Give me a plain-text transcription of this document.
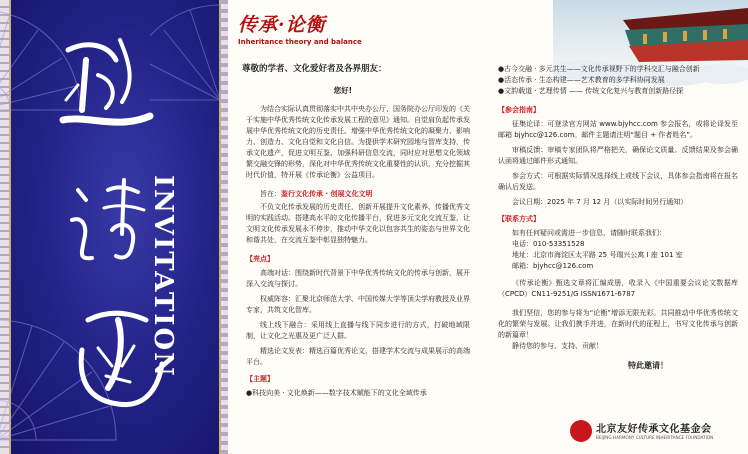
INVITATION
传承·论衡
Inheritance theory and balance
尊敬的学者、文化爱好者及各界朋友：
您好!
为结合实际认真贯彻落实中共中央办公厅、国务院办公厅印发的《关于实施中华优秀传统文化传承发展工程的意见》通知。自觉肩负起传承发展中华优秀传统文化的历史责任。增强中华优秀传统文化的凝聚力、影响力、创造力、文化自觉和文化自信。为提供学术研究园地与智库支持，传承文化遗产，促进文明互鉴、加强科研信息交流，同时应对思想文化领域繁交融交锋的形势，深化对中华优秀传统文化重要性的认识，充分挖掘其时代价值，特开展《传承论衡》公益项目。
旨在：鉴行文化传承 · 创展文化文明
不负文化传承发展的历史责任，创新开展提升文化素养、传播优秀文明的实践活动。搭建高水平的文化传播平台，促进多元文化交流互鉴，让文明文化传承发展永不停步，推动中华文化以包容共生的姿态与世界文化和谐共处，在交流互鉴中彰显独特魅力。
【亮点】
高端对话：围绕新时代背景下中华优秀传统文化的传承与创新，展开深入交流与探讨。
权威阵容：汇聚北京师范大学、中国传媒大学等顶尖学府教授及业界专家，共筑文化智库。
线上线下融合：采用线上直播与线下同步进行的方式，打破地域限制，让文化之光惠及更广泛人群。
精选论文发表：精选百篇优秀论文，搭建学术交流与成果展示的高端平台。
【主题】
●科技向美 · 文化焕新——数字技术赋能下的文化全域传承
●古今交融 · 多元共生——文化传承视野下的学科交汇与融合创新
●活态传承 · 生态构建——艺术教育的多学科协同发展
●文韵载道 · 艺理传情 —— 传统文化复兴与教育创新路径探
【参会指南】
征集论译：可登录官方网站 www.bjyhcc.com 参会报名，或将论译发至邮箱 bjyhcc@126.com。邮件主题请注明“题目 + 作者姓名”。
审稿反馈：审稿专家团队将严格把关，确保论文质量。反馈结果及参会确认函将通过邮件形式通知。
参会方式：可根据实际情况选择线上或线下会议，具体参会指南将在报名确认后发送。
会议日期：2025 年 7 月 12 月（以实际时间另行通知）
【联系方式】
如有任何疑问或需进一步信息，请随时联系我们：
电话：010-53351528
地址：北京市海淀区太平路 25 号瑞兴公寓 I 座 101 室
邮箱：bjyhcc@126.com
《传承论衡》甄选文章将汇编成册，收录入《中国重要会议论文数据库（CPCD）CN11-9251/G ISSN1671-6787
我们坚信，您的参与将为“论衡”增添无限光彩。共同推动中华优秀传统文化的繁荣与发展。让我们携手并进，在新时代的征程上，书写文化传承与创新的新篇章！
静待您的参与、支持、贡献！
特此邀请！
北京友好传承文化基金会
BEIJING HARMONY CULTURE INHERITANCE FOUNDATION
